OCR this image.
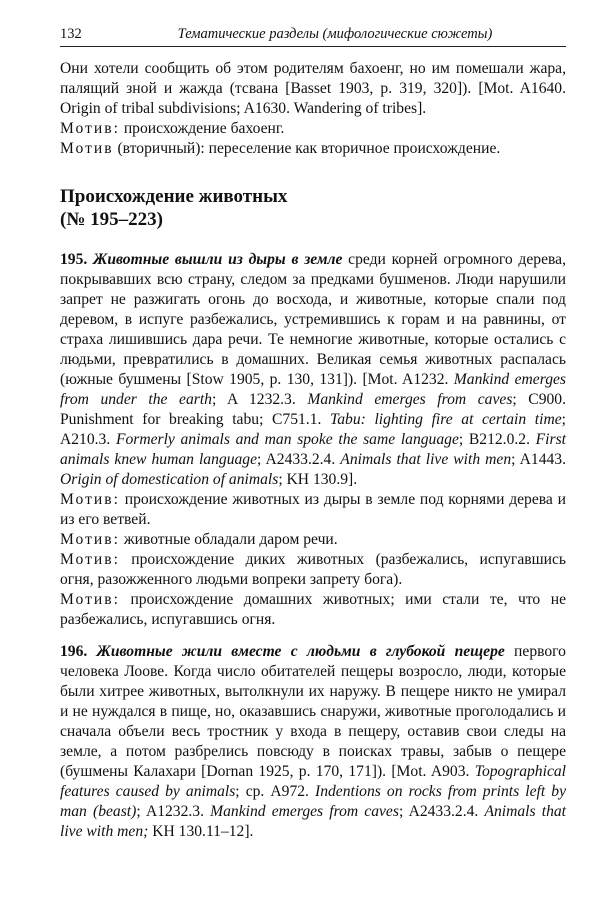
132	Тематические разделы (мифологические сюжеты)

Они хотели сообщить об этом родителям бахоенг, но им помешали жара, палящий зной и жажда (тсвана [Basset 1903, p. 319, 320]). [Mot. A1640. Origin of tribal subdivisions; A1630. Wandering of tribes].

Мотив: происхождение бахоенг.

Мотив (вторичный): переселение как вторичное происхождение.

Происхождение животных
(№ 195–223)

195. Животные вышли из дыры в земле среди корней огромного дерева, покрывавших всю страну, следом за предками бушменов. Люди нарушили запрет не разжигать огонь до восхода, и животные, которые спали под деревом, в испуге разбежались, устремившись к горам и на равнины, от страха лишившись дара речи. Те немногие животные, которые остались с людьми, превратились в домашних. Великая семья животных распалась (южные бушмены [Stow 1905, p. 130, 131]). [Mot. A1232. Mankind emerges from under the earth; A 1232.3. Mankind emerges from caves; C900. Punishment for breaking tabu; C751.1. Tabu: lighting fire at certain time; A210.3. Formerly animals and man spoke the same language; B212.0.2. First animals knew human language; A2433.2.4. Animals that live with men; A1443. Origin of domestication of animals; KH 130.9].

Мотив: происхождение животных из дыры в земле под корнями дерева и из его ветвей.

Мотив: животные обладали даром речи.

Мотив: происхождение диких животных (разбежались, испугавшись огня, разожженного людьми вопреки запрету бога).

Мотив: происхождение домашних животных; ими стали те, что не разбежались, испугавшись огня.

196. Животные жили вместе с людьми в глубокой пещере первого человека Лоове. Когда число обитателей пещеры возросло, люди, которые были хитрее животных, вытолкнули их наружу. В пещере никто не умирал и не нуждался в пище, но, оказавшись снаружи, животные проголодались и сначала объели весь тростник у входа в пещеру, оставив свои следы на земле, а потом разбрелись повсюду в поисках травы, забыв о пещере (бушмены Калахари [Dornan 1925, p. 170, 171]). [Mot. A903. Topographical features caused by animals; ср. A972. Indentions on rocks from prints left by man (beast); A1232.3. Mankind emerges from caves; A2433.2.4. Animals that live with men; KH 130.11–12].
